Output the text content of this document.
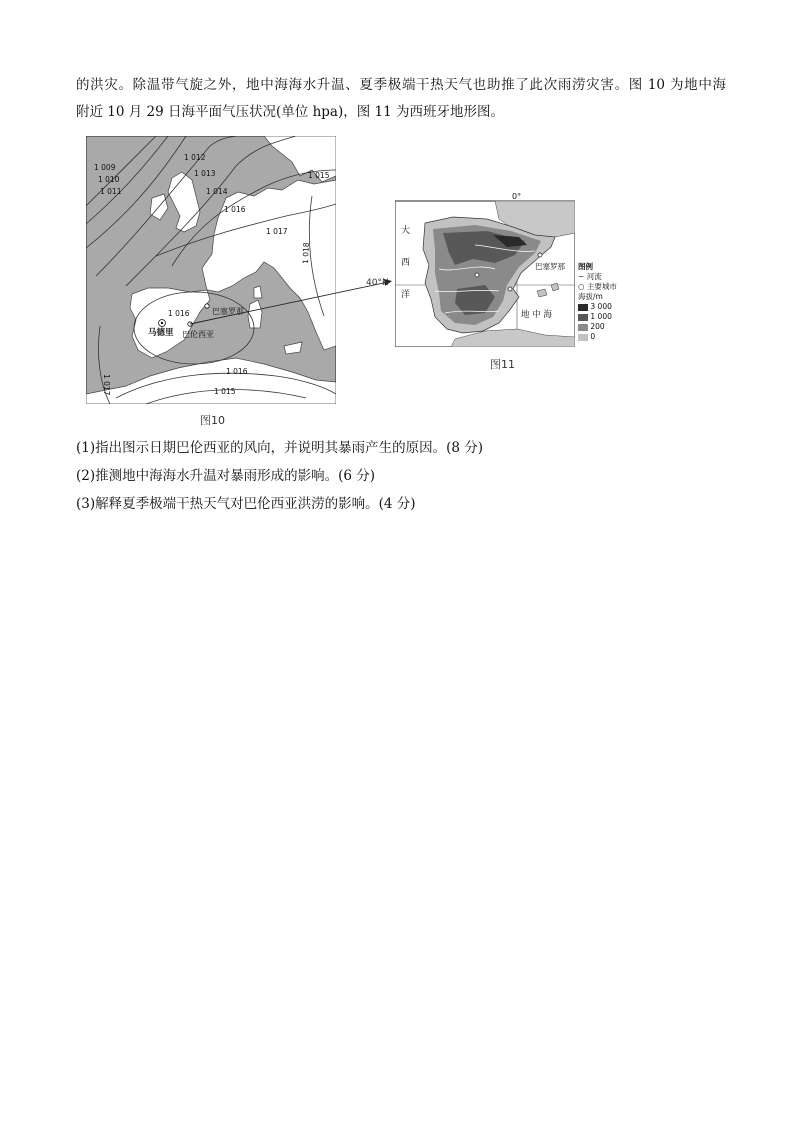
的洪灾。除温带气旋之外，地中海海水升温、夏季极端干热天气也助推了此次雨涝灾害。图 10 为地中海
附近 10 月 29 日海平面气压状况(单位 hpa)，图 11 为西班牙地形图。
1 009
1 010
1 011
1 012
1 013
1 014
1 015
1 016
1 017
1 018
1 016
1 016
1 015
1 017
马德里
巴塞罗那
巴伦西亚
图10
0°
大
西
洋
巴塞罗那
地 中 海
40°N
图例
∼ 河流
○ 主要城市
海拔/m
3 000
1 000
200
0
图11
(1)指出图示日期巴伦西亚的风向，并说明其暴雨产生的原因。(8 分)
(2)推测地中海海水升温对暴雨形成的影响。(6 分)
(3)解释夏季极端干热天气对巴伦西亚洪涝的影响。(4 分)
